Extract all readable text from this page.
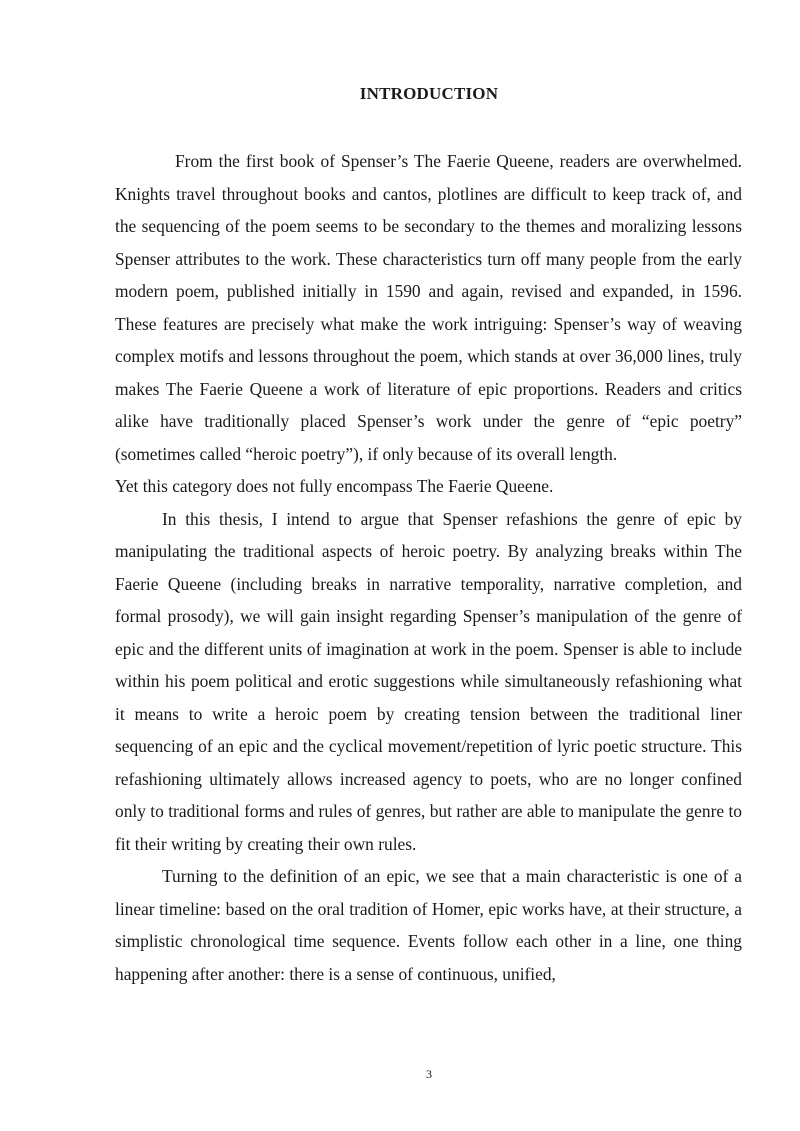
INTRODUCTION

From the first book of Spenser’s The Faerie Queene, readers are overwhelmed. Knights travel throughout books and cantos, plotlines are difficult to keep track of, and the sequencing of the poem seems to be secondary to the themes and moralizing lessons Spenser attributes to the work. These characteristics turn off many people from the early modern poem, published initially in 1590 and again, revised and expanded, in 1596. These features are precisely what make the work intriguing: Spenser’s way of weaving complex motifs and lessons throughout the poem, which stands at over 36,000 lines, truly makes The Faerie Queene a work of literature of epic proportions. Readers and critics alike have traditionally placed Spenser’s work under the genre of “epic poetry” (sometimes called “heroic poetry”), if only because of its overall length.

Yet this category does not fully encompass The Faerie Queene.

In this thesis, I intend to argue that Spenser refashions the genre of epic by manipulating the traditional aspects of heroic poetry. By analyzing breaks within The Faerie Queene (including breaks in narrative temporality, narrative completion, and formal prosody), we will gain insight regarding Spenser’s manipulation of the genre of epic and the different units of imagination at work in the poem. Spenser is able to include within his poem political and erotic suggestions while simultaneously refashioning what it means to write a heroic poem by creating tension between the traditional liner sequencing of an epic and the cyclical movement/repetition of lyric poetic structure. This refashioning ultimately allows increased agency to poets, who are no longer confined only to traditional forms and rules of genres, but rather are able to manipulate the genre to fit their writing by creating their own rules.

Turning to the definition of an epic, we see that a main characteristic is one of a linear timeline: based on the oral tradition of Homer, epic works have, at their structure, a simplistic chronological time sequence. Events follow each other in a line, one thing happening after another: there is a sense of continuous, unified,

3
